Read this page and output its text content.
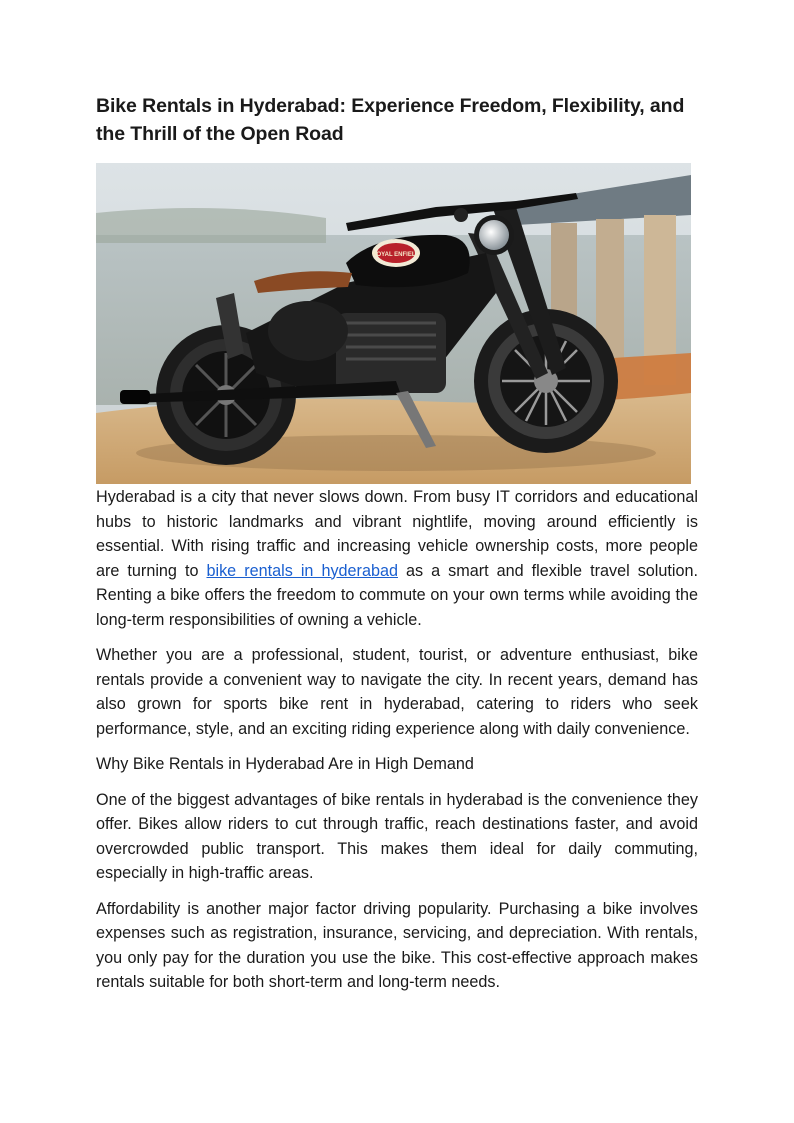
Bike Rentals in Hyderabad: Experience Freedom, Flexibility, and the Thrill of the Open Road
ROYAL ENFIELD

Hyderabad is a city that never slows down. From busy IT corridors and educational hubs to historic landmarks and vibrant nightlife, moving around efficiently is essential. With rising traffic and increasing vehicle ownership costs, more people are turning to bike rentals in hyderabad as a smart and flexible travel solution. Renting a bike offers the freedom to commute on your own terms while avoiding the long-term responsibilities of owning a vehicle.

Whether you are a professional, student, tourist, or adventure enthusiast, bike rentals provide a convenient way to navigate the city. In recent years, demand has also grown for sports bike rent in hyderabad, catering to riders who seek performance, style, and an exciting riding experience along with daily convenience.

Why Bike Rentals in Hyderabad Are in High Demand

One of the biggest advantages of bike rentals in hyderabad is the convenience they offer. Bikes allow riders to cut through traffic, reach destinations faster, and avoid overcrowded public transport. This makes them ideal for daily commuting, especially in high-traffic areas.

Affordability is another major factor driving popularity. Purchasing a bike involves expenses such as registration, insurance, servicing, and depreciation. With rentals, you only pay for the duration you use the bike. This cost-effective approach makes rentals suitable for both short-term and long-term needs.
